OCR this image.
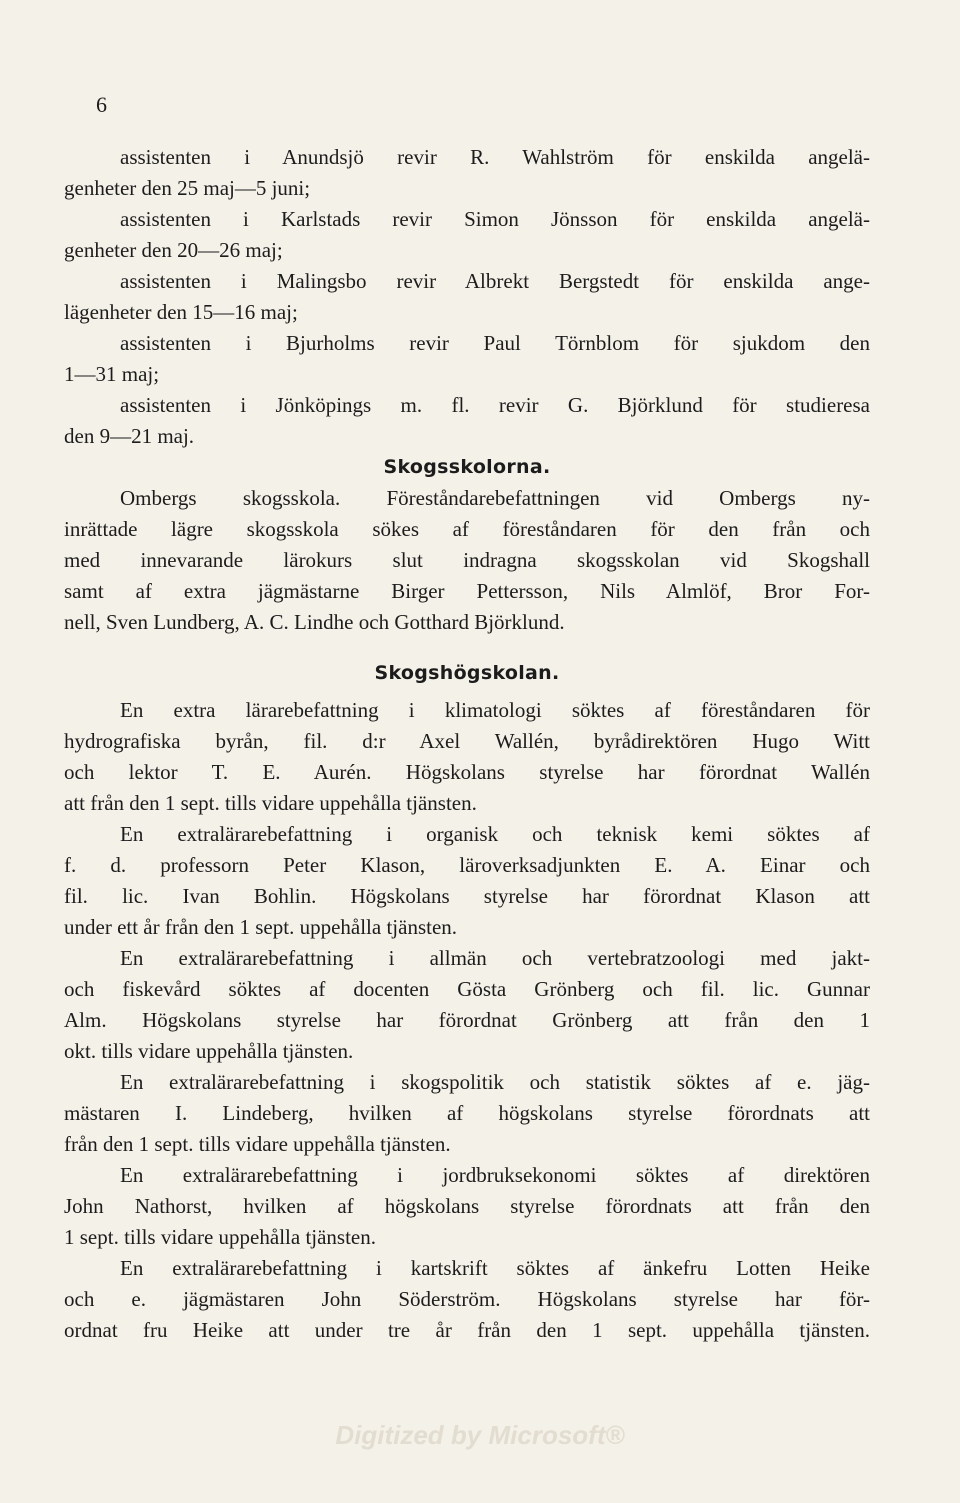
6
assistenten i Anundsjö revir R. Wahlström för enskilda angelä-
genheter den 25 maj—5 juni;
assistenten i Karlstads revir Simon Jönsson för enskilda angelä-
genheter den 20—26 maj;
assistenten i Malingsbo revir Albrekt Bergstedt för enskilda ange-
lägenheter den 15—16 maj;
assistenten i Bjurholms revir Paul Törnblom för sjukdom den
1—31 maj;
assistenten i Jönköpings m. fl. revir G. Björklund för studieresa
den 9—21 maj.
Skogsskolorna.
Ombergs skogsskola. Föreståndarebefattningen vid Ombergs ny-
inrättade lägre skogsskola sökes af föreståndaren för den från och
med innevarande lärokurs slut indragna skogsskolan vid Skogshall
samt af extra jägmästarne Birger Pettersson, Nils Almlöf, Bror For-
nell, Sven Lundberg, A. C. Lindhe och Gotthard Björklund.
Skogshögskolan.
En extra lärarebefattning i klimatologi söktes af föreståndaren för
hydrografiska byrån, fil. d:r Axel Wallén, byrådirektören Hugo Witt
och lektor T. E. Aurén. Högskolans styrelse har förordnat Wallén
att från den 1 sept. tills vidare uppehålla tjänsten.
En extralärarebefattning i organisk och teknisk kemi söktes af
f. d. professorn Peter Klason, läroverksadjunkten E. A. Einar och
fil. lic. Ivan Bohlin. Högskolans styrelse har förordnat Klason att
under ett år från den 1 sept. uppehålla tjänsten.
En extralärarebefattning i allmän och vertebratzoologi med jakt-
och fiskevård söktes af docenten Gösta Grönberg och fil. lic. Gunnar
Alm. Högskolans styrelse har förordnat Grönberg att från den 1
okt. tills vidare uppehålla tjänsten.
En extralärarebefattning i skogspolitik och statistik söktes af e. jäg-
mästaren I. Lindeberg, hvilken af högskolans styrelse förordnats att
från den 1 sept. tills vidare uppehålla tjänsten.
En extralärarebefattning i jordbruksekonomi söktes af direktören
John Nathorst, hvilken af högskolans styrelse förordnats att från den
1 sept. tills vidare uppehålla tjänsten.
En extralärarebefattning i kartskrift söktes af änkefru Lotten Heike
och e. jägmästaren John Söderström. Högskolans styrelse har för-
ordnat fru Heike att under tre år från den 1 sept. uppehålla tjänsten.
Digitized by Microsoft®
